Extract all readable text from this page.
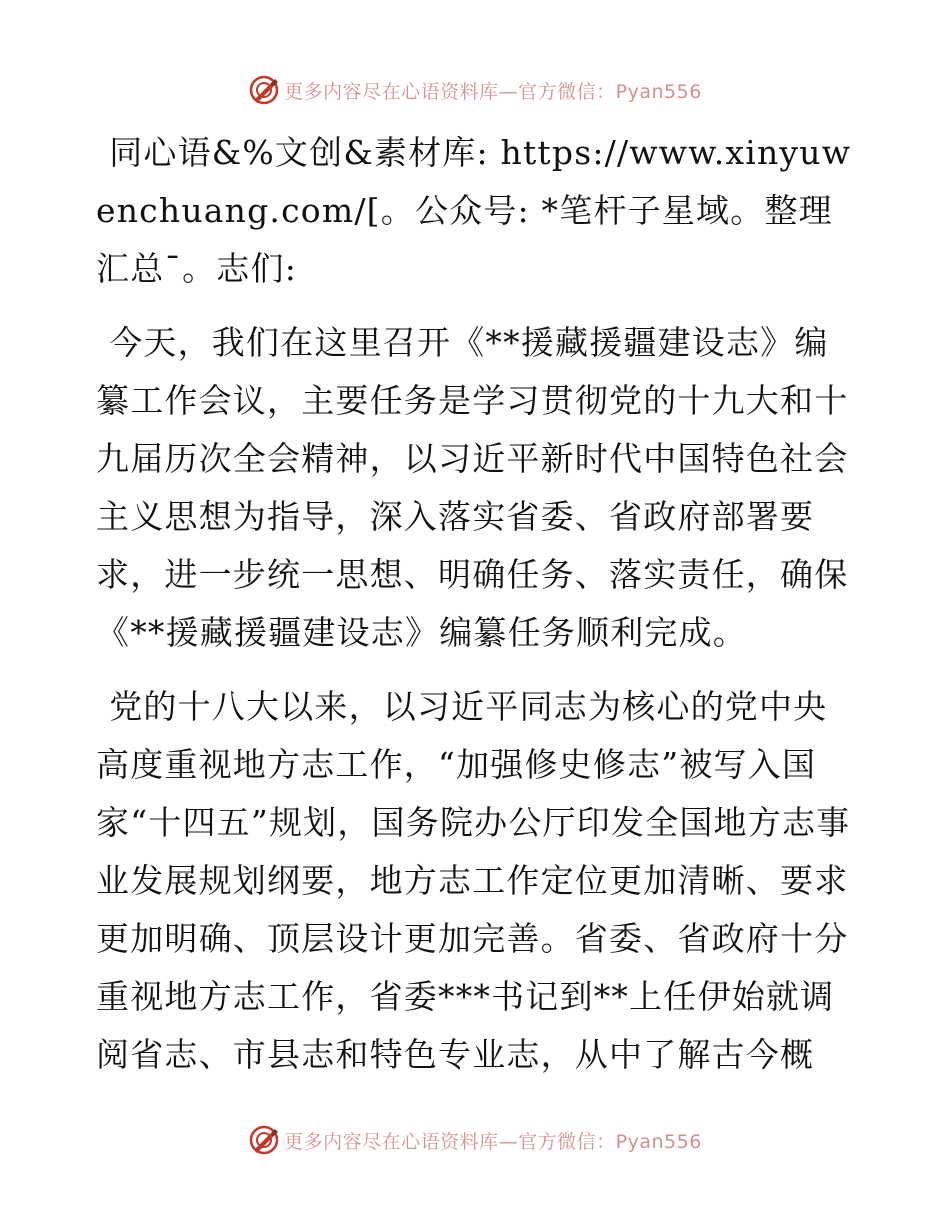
更多内容尽在心语资料库—官方微信：Pyan556

同心语&%文创&素材库: https://www.xinyuwenchuang.com/[。公众号: *笔杆子星域。整理汇总¯。志们:

今天，我们在这里召开《**援藏援疆建设志》编纂工作会议，主要任务是学习贯彻党的十九大和十九届历次全会精神，以习近平新时代中国特色社会主义思想为指导，深入落实省委、省政府部署要求，进一步统一思想、明确任务、落实责任，确保《**援藏援疆建设志》编纂任务顺利完成。

党的十八大以来，以习近平同志为核心的党中央高度重视地方志工作，“加强修史修志”被写入国家“十四五”规划，国务院办公厅印发全国地方志事业发展规划纲要，地方志工作定位更加清晰、要求更加明确、顶层设计更加完善。省委、省政府十分重视地方志工作，省委***书记到**上任伊始就调阅省志、市县志和特色专业志，从中了解古今概

更多内容尽在心语资料库—官方微信：Pyan556
